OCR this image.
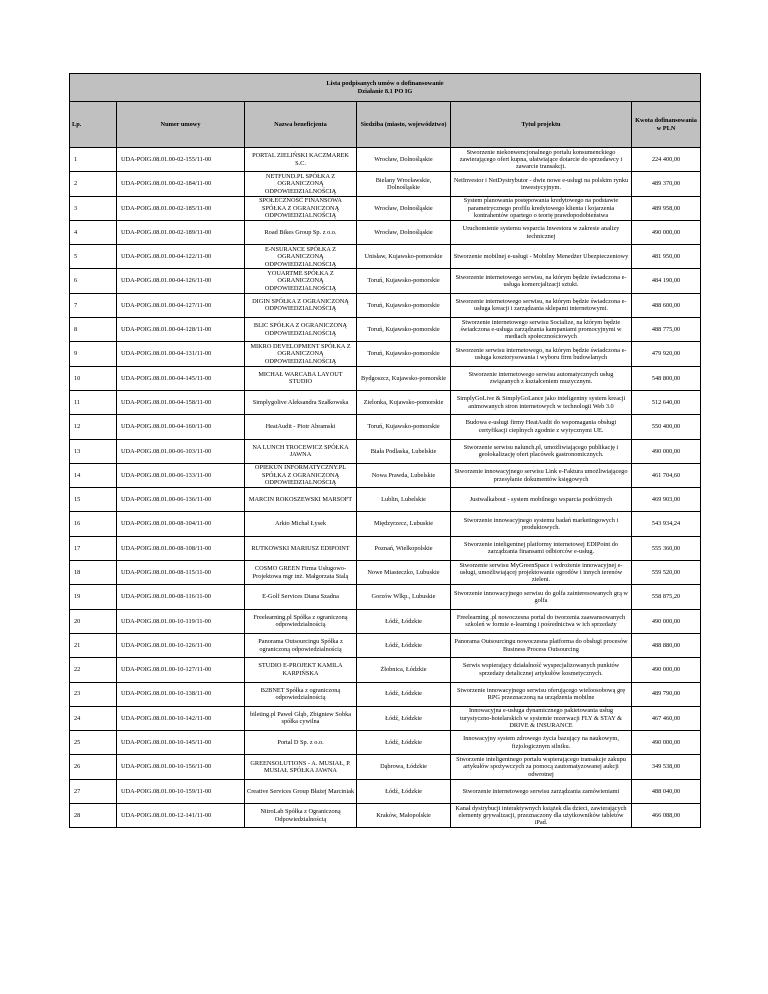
Lista podpisanych umów o dofinansowanie
Działanie 8.1 PO IG					

Lp.	Numer umowy	Nazwa beneficjenta	Siedziba (miasto, województwo)	Tytuł projektu	Kwota dofinansowania w PLN
1	UDA-POIG.08.01.00-02-155/11-00	PORTAL ZIELIŃSKI KACZMAREK S.C.	Wrocław, Dolnośląskie	Stworzenie niekonwencjonalnego portalu konsumenckiego zawierającego ofert kupna, ułatwiające dotarcie do sprzedawcy i zawarcie transakcji.	224 400,00
2	UDA-POIG.08.01.00-02-184/11-00	NETFUND.PL SPÓŁKA Z OGRANICZONĄ ODPOWIEDZIALNOŚCIĄ	Bielany Wrocławskie, Dolnośląskie	NetInvestor i NetDystrybutor - dwie nowe e-usługi na polskim rynku inwestycyjnym.	489 370,00
3	UDA-POIG.08.01.00-02-185/11-00	SPOŁECZNOŚĆ FINANSOWA SPÓŁKA Z OGRANICZONĄ ODPOWIEDZIALNOŚCIĄ	Wrocław, Dolnośląskie	System planowania postępowania kredytowego na podstawie parametrycznego profilu kredytowego klienta i kojarzenia kontrahentów opartego o teorię prawdopodobieństwa	489 958,00
4	UDA-POIG.08.01.00-02-189/11-00	Road Bikes Group Sp. z o.o.	Wrocław, Dolnośląskie	Uruchomienie systemu wsparcia Inwestora w zakresie analizy technicznej	490 000,00
5	UDA-POIG.08.01.00-04-122/11-00	E-NSURANCE SPÓŁKA Z OGRANICZONĄ ODPOWIEDZIALNOŚCIĄ	Unisław, Kujawsko-pomorskie	Stworzenie mobilnej e-usługi - Mobilny Menedżer Ubezpieczeniowy	481 950,00
6	UDA-POIG.08.01.00-04-126/11-00	YOUARTME SPÓŁKA Z OGRANICZONĄ ODPOWIEDZIALNOŚCIĄ	Toruń, Kujawsko-pomorskie	Stworzenie internetowego serwisu, na którym będzie świadczona e-usługa komercjalizacji sztuki.	484 190,00
7	UDA-POIG.08.01.00-04-127/11-00	DIGIN SPÓŁKA Z OGRANICZONĄ ODPOWIEDZIALNOŚCIĄ	Toruń, Kujawsko-pomorskie	Stworzenie internetowego serwisu, na którym będzie świadczona e-usługa kreacji i zarządzania sklepami internetowymi.	488 600,00
8	UDA-POIG.08.01.00-04-128/11-00	BLIC SPÓŁKA Z OGRANICZONĄ ODPOWIEDZIALNOŚCIĄ	Toruń, Kujawsko-pomorskie	Stworzenie internetowego serwisu Socialize, na którym będzie świadczona e-usługa zarządzania kampaniami promocyjnymi w mediach społecznościowych	488 775,00
9	UDA-POIG.08.01.00-04-131/11-00	MIKRO DEVELOPMENT SPÓŁKA Z OGRANICZONĄ ODPOWIEDZIALNOŚCIĄ	Toruń, Kujawsko-pomorskie	Stworzenie serwisu internetowego, na którym będzie świadczona e-usługa kosztorysowania i wyboru firm budowlanych	479 920,00
10	UDA-POIG.08.01.00-04-145/11-00	MICHAŁ WARCABA LAYOUT STUDIO	Bydgoszcz, Kujawsko-pomorskie	Stworzenie internetowego serwisu automatycznych usług związanych z kształceniem muzycznym.	548 800,00
11	UDA-POIG.08.01.00-04-158/11-00	Simplygolive Aleksandra Szałkowska	Zielonka, Kujawsko-pomorskie	SimplyGoLive & SimplyGoLance jako inteligentny system kreacji animowanych stron internetowych w technologii Web 3.0	512 640,00
12	UDA-POIG.08.01.00-04-160/11-00	HeatAudit - Piotr Abramski	Toruń, Kujawsko-pomorskie	Budowa e-usługi firmy HeatAudit do wspomagania obsługi certyfikacji cieplnych zgodnie z wytycznymi UE.	550 400,00
13	UDA-POIG.08.01.00-06-103/11-00	NA LUNCH TROCEWICZ SPÓŁKA JAWNA	Biała Podlaska, Lubelskie	Stworzenie serwisu nalunch.pl, umożliwiającego publikację i geolokalizację ofert placówek gastronomicznych.	490 000,00
14	UDA-POIG.08.01.00-06-133/11-00	OPIEKUN INFORMATYCZNY.PL SPÓŁKA Z OGRANICZONĄ ODPOWIEDZIALNOŚCIĄ	Nowa Prawda, Lubelskie	Stworzenie innowacyjnego serwisu Link e-Faktura umożliwiającego przesyłanie dokumentów księgowych	461 704,60
15	UDA-POIG.08.01.00-06-136/11-00	MARCIN ROKOSZEWSKI MARSOFT	Lublin, Lubelskie	Justwalkabout - system mobilnego wsparcia podróżnych	469 903,00
16	UDA-POIG.08.01.00-08-104/11-00	Arkto Michał Łysek	Międzyrzecz, Lubuskie	Stworzenie innowacyjnego systemu badań marketingowych i produktowych.	543 934,24
17	UDA-POIG.08.01.00-08-108/11-00	RUTKOWSKI MARIUSZ EDIPOINT	Poznań, Wielkopolskie	Stworzenie inteligentnej platformy internetowej EDIPoint do zarządzania finansami odbiorców e-usług.	555 360,00
18	UDA-POIG.08.01.00-08-115/11-00	COSMO GREEN Firma Usługowo-Projektowa mgr inż. Małgorzata Stalą	Nowe Miasteczko, Lubuskie	Stworzenie serwisu MyGreenSpace i wdrożenie innowacyjnej e-usługi, umożliwiającej projektowanie ogrodów i innych terenów zieleni.	559 520,00
19	UDA-POIG.08.01.00-08-116/11-00	E-Golf Services Diana Szadna	Gorzów Wlkp., Lubuskie	Stworzenie innowacyjnego serwisu do golfa zainteresowanych grą w golfa	558 875,20
20	UDA-POIG.08.01.00-10-119/11-00	Freelearning.pl Spółka z ograniczoną odpowiedzialnością	Łódź, Łódzkie	Freelearning .pl nowoczesna portal do tworzenia zaawansowanych szkoleń w formie e-learning i pośrednictwa w ich sprzedaży	490 000,00
21	UDA-POIG.08.01.00-10-126/11-00	Panorama Outsourcingu Spółka z ograniczoną odpowiedzialnością	Łódź, Łódzkie	Panorama Outsourcingu nowoczesna platforma do obsługi procesów Business Process Outsourcing	488 880,00
22	UDA-POIG.08.01.00-10-127/11-00	STUDIO E-PROJEKT KAMILA KARPIŃSKA	Żłobnica, Łódzkie	Serwis wspierający działalność wyspecjalizowanych punktów sprzedaży detalicznej artykułów kosmetycznych.	490 000,00
23	UDA-POIG.08.01.00-10-138/11-00	B2BNET Spółka z ograniczoną odpowiedzialnością	Łódź, Łódzkie	Stworzenie innowacyjnego serwisu oferującego wieloosobową grę RPG przeznaczoną na urządzenia mobilne	489 790,00
24	UDA-POIG.08.01.00-10-142/11-00	bileting.pl Paweł Głąb, Zbigniew Sobka spółka cywilna	Łódź, Łódzkie	Innowacyjna e-usługa dynamicznego pakietowania usług turystyczno-hotelarskich w systemie rezerwacji FLY & STAY & DRIVE & INSURANCE	467 460,00
25	UDA-POIG.08.01.00-10-145/11-00	Portal D Sp. z o.o.	Łódź, Łódzkie	Innowacyjny system zdrowego życia bazujący na naukowym, fizjologicznym silniku.	490 000,00
26	UDA-POIG.08.01.00-10-156/11-00	GREENSOLUTIONS - A. MUSIAŁ, P. MUSIAŁ SPÓŁKA JAWNA	Dąbrowa, Łódzkie	Stworzenie inteligentnego portalu wspierającego transakcje zakupu artykułów spożywczych za pomocą zautomatyzowanej aukcji odwrotnej	349 538,00
27	UDA-POIG.08.01.00-10-159/11-00	Creative Services Group Błażej Marciniak	Łódź, Łódzkie	Stworzenie internetowego serwisu zarządzania zamówieniami	488 040,00
28	UDA-POIG.08.01.00-12-141/11-00	NitroLab Spółka z Ograniczoną Odpowiedzialnością	Kraków, Małopolskie	Kanał dystrybucji interaktywnych książek dla dzieci, zawierających elementy grywalizacji, przeznaczony dla użytkowników tabletów iPad.	466 088,00
